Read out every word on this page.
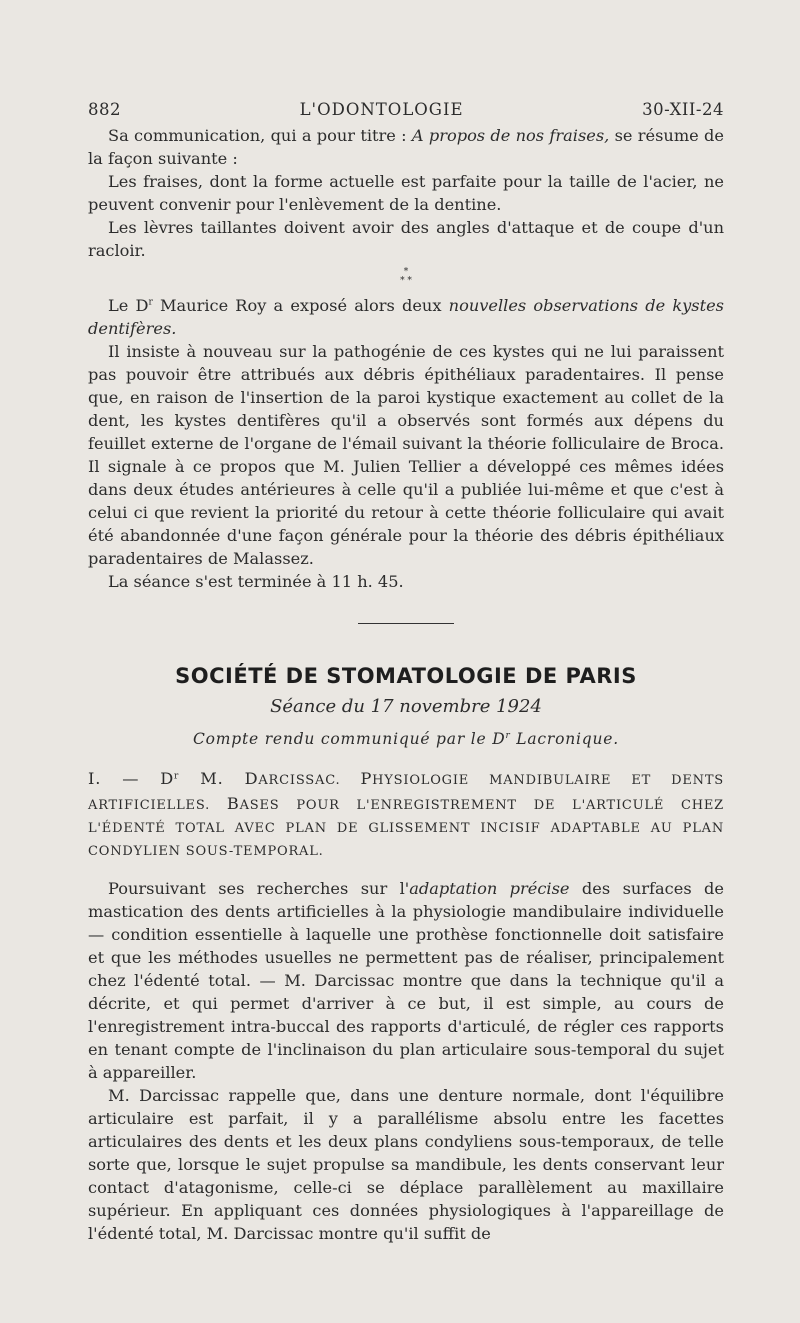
882	L'ODONTOLOGIE	30-XII-24

Sa communication, qui a pour titre : A propos de nos fraises, se résume de la façon suivante :

Les fraises, dont la forme actuelle est parfaite pour la taille de l'acier, ne peuvent convenir pour l'enlèvement de la dentine.

Les lèvres taillantes doivent avoir des angles d'attaque et de coupe d'un racloir.

*
* *

Le $D^r$ Maurice Roy a exposé alors deux nouvelles observations de kystes dentifères.

Il insiste à nouveau sur la pathogénie de ces kystes qui ne lui paraissent pas pouvoir être attribués aux débris épithéliaux paradentaires. Il pense que, en raison de l'insertion de la paroi kystique exactement au collet de la dent, les kystes dentifères qu'il a observés sont formés aux dépens du feuillet externe de l'organe de l'émail suivant la théorie folliculaire de Broca. Il signale à ce propos que M. Julien Tellier a développé ces mêmes idées dans deux études antérieures à celle qu'il a publiée lui-même et que c'est à celui ci que revient la priorité du retour à cette théorie folliculaire qui avait été abandonnée d'une façon générale pour la théorie des débris épithéliaux paradentaires de Malassez.

La séance s'est terminée à 11 h. 45.

SOCIÉTÉ DE STOMATOLOGIE DE PARIS
Séance du 17 novembre 1924
Compte rendu communiqué par le $D^r$ Lacronique.
I. — $D^r$ M. DARCISSAC. PHYSIOLOGIE MANDIBULAIRE ET DENTS ARTIFICIELLES. BASES POUR L'ENREGISTREMENT DE L'ARTICULÉ CHEZ L'ÉDENTÉ TOTAL AVEC PLAN DE GLISSEMENT INCISIF ADAPTABLE AU PLAN CONDYLIEN SOUS-TEMPORAL.

Poursuivant ses recherches sur l'adaptation précise des surfaces de mastication des dents artificielles à la physiologie mandibulaire individuelle — condition essentielle à laquelle une prothèse fonctionnelle doit satisfaire et que les méthodes usuelles ne permettent pas de réaliser, principalement chez l'édenté total. — M. Darcissac montre que dans la technique qu'il a décrite, et qui permet d'arriver à ce but, il est simple, au cours de l'enregistrement intra-buccal des rapports d'articulé, de régler ces rapports en tenant compte de l'inclinaison du plan articulaire sous-temporal du sujet à appareiller.

M. Darcissac rappelle que, dans une denture normale, dont l'équilibre articulaire est parfait, il y a parallélisme absolu entre les facettes articulaires des dents et les deux plans condyliens sous-temporaux, de telle sorte que, lorsque le sujet propulse sa mandibule, les dents conservant leur contact d'atagonisme, celle-ci se déplace parallèlement au maxillaire supérieur. En appliquant ces données physiologiques à l'appareillage de l'édenté total, M. Darcissac montre qu'il suffit de
